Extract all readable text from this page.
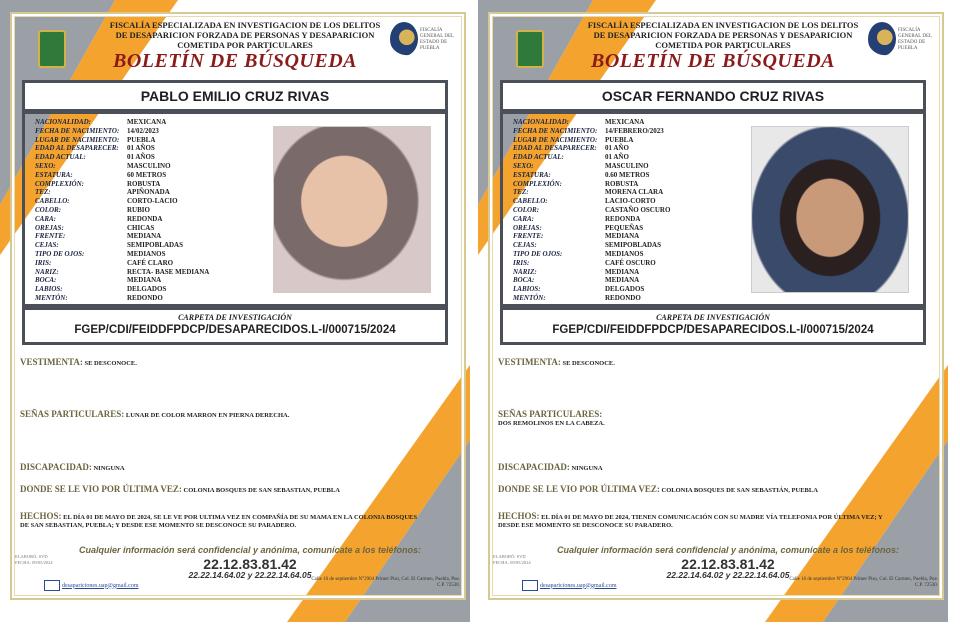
FISCALÍA GENERAL DEL ESTADO DE PUEBLA
FISCALÍA ESPECIALIZADA EN INVESTIGACION DE LOS DELITOS
DE DESAPARICION FORZADA DE PERSONAS Y DESAPARICION
COMETIDA POR PARTICULARES
BOLETÍN DE BÚSQUEDA
PABLO EMILIO CRUZ RIVAS
NACIONALIDAD:	MEXICANA
FECHA DE NACIMIENTO:	14/02/2023
LUGAR DE NACIMIENTO:	PUEBLA
EDAD AL DESAPARECER:	01 AÑOS
EDAD ACTUAL:	01 AÑOS
SEXO:	MASCULINO
ESTATURA:	60 METROS
COMPLEXIÓN:	ROBUSTA
TEZ:	APIÑONADA
CABELLO:	CORTO-LACIO
COLOR:	RUBIO
CARA:	REDONDA
OREJAS:	CHICAS
FRENTE:	MEDIANA
CEJAS:	SEMIPOBLADAS
TIPO DE OJOS:	MEDIANOS
IRIS:	CAFÉ CLARO
NARIZ:	RECTA- BASE MEDIANA
BOCA:	MEDIANA
LABIOS:	DELGADOS
MENTÓN:	REDONDO
CARPETA DE INVESTIGACIÓN
FGEP/CDI/FEIDDFPDCP/DESAPARECIDOS.L-I/000715/2024
VESTIMENTA: SE DESCONOCE.
SEÑAS PARTICULARES: LUNAR DE COLOR MARRON EN PIERNA DERECHA.
DISCAPACIDAD: NINGUNA
DONDE SE LE VIO POR ÚLTIMA VEZ: COLONIA BOSQUES DE SAN SEBASTIAN, PUEBLA
HECHOS: EL DÍA 01 DE MAYO DE 2024, SE LE VE POR ULTIMA VEZ EN COMPAÑÍA DE SU MAMA EN LA COLONIA BOSQUES DE SAN SEBASTIAN, PUEBLA; Y DESDE ESE MOMENTO SE DESCONOCE SU PARADERO.
Cualquier información será confidencial y anónima, comunícate a los teléfonos:
22.12.83.81.42
22.22.14.64.02 y 22.22.14.64.05
ELABORÓ: SVD
FECHA: 09/05/2024
desapariciones.uap@gmail.com
Calle 16 de septiembre N°2904 Primer Piso, Col. El Carmen, Puebla, Pue. C.P. 72530.
FISCALÍA GENERAL DEL ESTADO DE PUEBLA
FISCALÍA ESPECIALIZADA EN INVESTIGACION DE LOS DELITOS
DE DESAPARICION FORZADA DE PERSONAS Y DESAPARICION
COMETIDA POR PARTICULARES
BOLETÍN DE BÚSQUEDA
OSCAR FERNANDO CRUZ RIVAS
NACIONALIDAD:	MEXICANA
FECHA DE NACIMIENTO:	14/FEBRERO/2023
LUGAR DE NACIMIENTO:	PUEBLA
EDAD AL DESAPARECER:	01 AÑO
EDAD ACTUAL:	01 AÑO
SEXO:	MASCULINO
ESTATURA:	0.60 METROS
COMPLEXIÓN:	ROBUSTA
TEZ:	MORENA CLARA
CABELLO:	LACIO-CORTO
COLOR:	CASTAÑO OSCURO
CARA:	REDONDA
OREJAS:	PEQUEÑAS
FRENTE:	MEDIANA
CEJAS:	SEMIPOBLADAS
TIPO DE OJOS:	MEDIANOS
IRIS:	CAFÉ OSCURO
NARIZ:	MEDIANA
BOCA:	MEDIANA
LABIOS:	DELGADOS
MENTÓN:	REDONDO
CARPETA DE INVESTIGACIÓN
FGEP/CDI/FEIDDFPDCP/DESAPARECIDOS.L-I/000715/2024
VESTIMENTA: SE DESCONOCE.
SEÑAS PARTICULARES:
DOS REMOLINOS EN LA CABEZA.
DISCAPACIDAD: NINGUNA
DONDE SE LE VIO POR ÚLTIMA VEZ: COLONIA BOSQUES DE SAN SEBASTIÁN, PUEBLA
HECHOS: EL DÍA 01 DE MAYO DE 2024, TIENEN COMUNICACIÓN CON SU MADRE VÍA TELEFONIA POR ÚLTIMA VEZ; Y DESDE ESE MOMENTO SE DESCONOCE SU PARADERO.
Cualquier información será confidencial y anónima, comunícate a los teléfonos:
22.12.83.81.42
22.22.14.64.02 y 22.22.14.64.05
ELABORÓ: SVD
FECHA: 09/05/2024
desapariciones.uap@gmail.com
Calle 16 de septiembre N°2904 Primer Piso, Col. El Carmen, Puebla, Pue. C.P. 72530.
